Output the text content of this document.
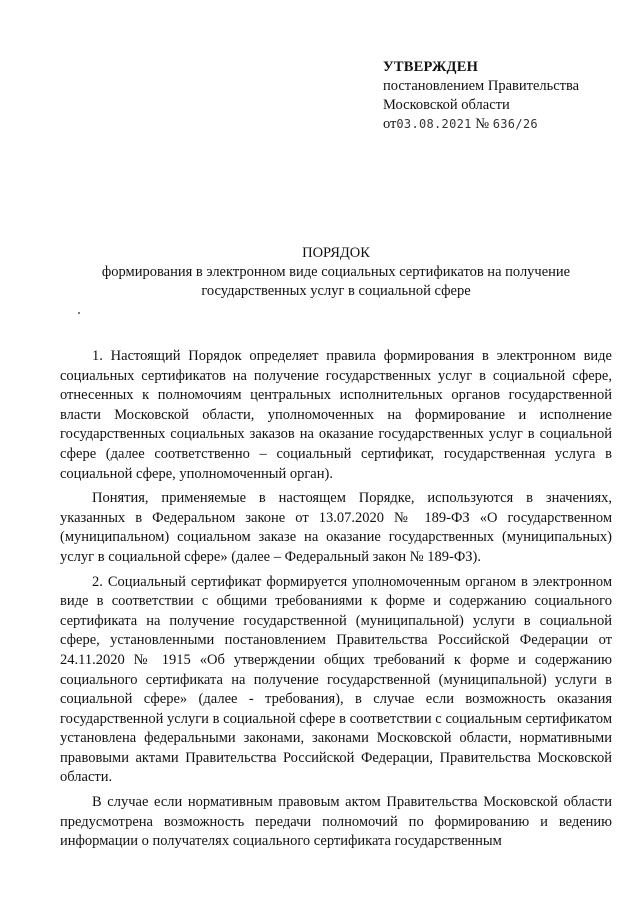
УТВЕРЖДЕН
постановлением Правительства
Московской области
от03.08.2021 № 636/26
ПОРЯДОК
формирования в электронном виде социальных сертификатов на получение государственных услуг в социальной сфере

1. Настоящий Порядок определяет правила формирования в электронном виде социальных сертификатов на получение государственных услуг в социальной сфере, отнесенных к полномочиям центральных исполнительных органов государственной власти Московской области, уполномоченных на формирование и исполнение государственных социальных заказов на оказание государственных услуг в социальной сфере (далее соответственно – социальный сертификат, государственная услуга в социальной сфере, уполномоченный орган).

Понятия, применяемые в настоящем Порядке, используются в значениях, указанных в Федеральном законе от 13.07.2020 № 189-ФЗ «О государственном (муниципальном) социальном заказе на оказание государственных (муниципальных) услуг в социальной сфере» (далее – Федеральный закон № 189-ФЗ).

2. Социальный сертификат формируется уполномоченным органом в электронном виде в соответствии с общими требованиями к форме и содержанию социального сертификата на получение государственной (муниципальной) услуги в социальной сфере, установленными постановлением Правительства Российской Федерации от 24.11.2020 № 1915 «Об утверждении общих требований к форме и содержанию социального сертификата на получение государственной (муниципальной) услуги в социальной сфере» (далее - требования), в случае если возможность оказания государственной услуги в социальной сфере в соответствии с социальным сертификатом установлена федеральными законами, законами Московской области, нормативными правовыми актами Правительства Российской Федерации, Правительства Московской области.

В случае если нормативным правовым актом Правительства Московской области предусмотрена возможность передачи полномочий по формированию и ведению информации о получателях социального сертификата государственным
